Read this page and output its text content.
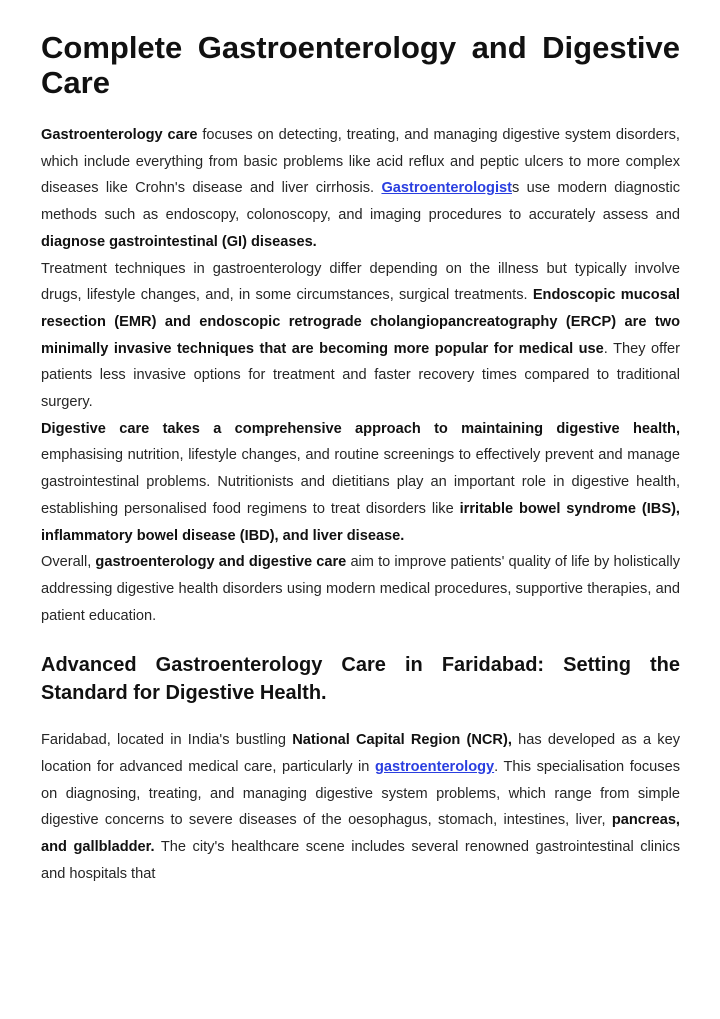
Complete Gastroenterology and Digestive Care

Gastroenterology care focuses on detecting, treating, and managing digestive system disorders, which include everything from basic problems like acid reflux and peptic ulcers to more complex diseases like Crohn's disease and liver cirrhosis. Gastroenterologists use modern diagnostic methods such as endoscopy, colonoscopy, and imaging procedures to accurately assess and diagnose gastrointestinal (GI) diseases.

Treatment techniques in gastroenterology differ depending on the illness but typically involve drugs, lifestyle changes, and, in some circumstances, surgical treatments. Endoscopic mucosal resection (EMR) and endoscopic retrograde cholangiopancreatography (ERCP) are two minimally invasive techniques that are becoming more popular for medical use. They offer patients less invasive options for treatment and faster recovery times compared to traditional surgery.

Digestive care takes a comprehensive approach to maintaining digestive health, emphasising nutrition, lifestyle changes, and routine screenings to effectively prevent and manage gastrointestinal problems. Nutritionists and dietitians play an important role in digestive health, establishing personalised food regimens to treat disorders like irritable bowel syndrome (IBS), inflammatory bowel disease (IBD), and liver disease.

Overall, gastroenterology and digestive care aim to improve patients' quality of life by holistically addressing digestive health disorders using modern medical procedures, supportive therapies, and patient education.

Advanced Gastroenterology Care in Faridabad: Setting the Standard for Digestive Health.

Faridabad, located in India's bustling National Capital Region (NCR), has developed as a key location for advanced medical care, particularly in gastroenterology. This specialisation focuses on diagnosing, treating, and managing digestive system problems, which range from simple digestive concerns to severe diseases of the oesophagus, stomach, intestines, liver, pancreas, and gallbladder. The city's healthcare scene includes several renowned gastrointestinal clinics and hospitals that
